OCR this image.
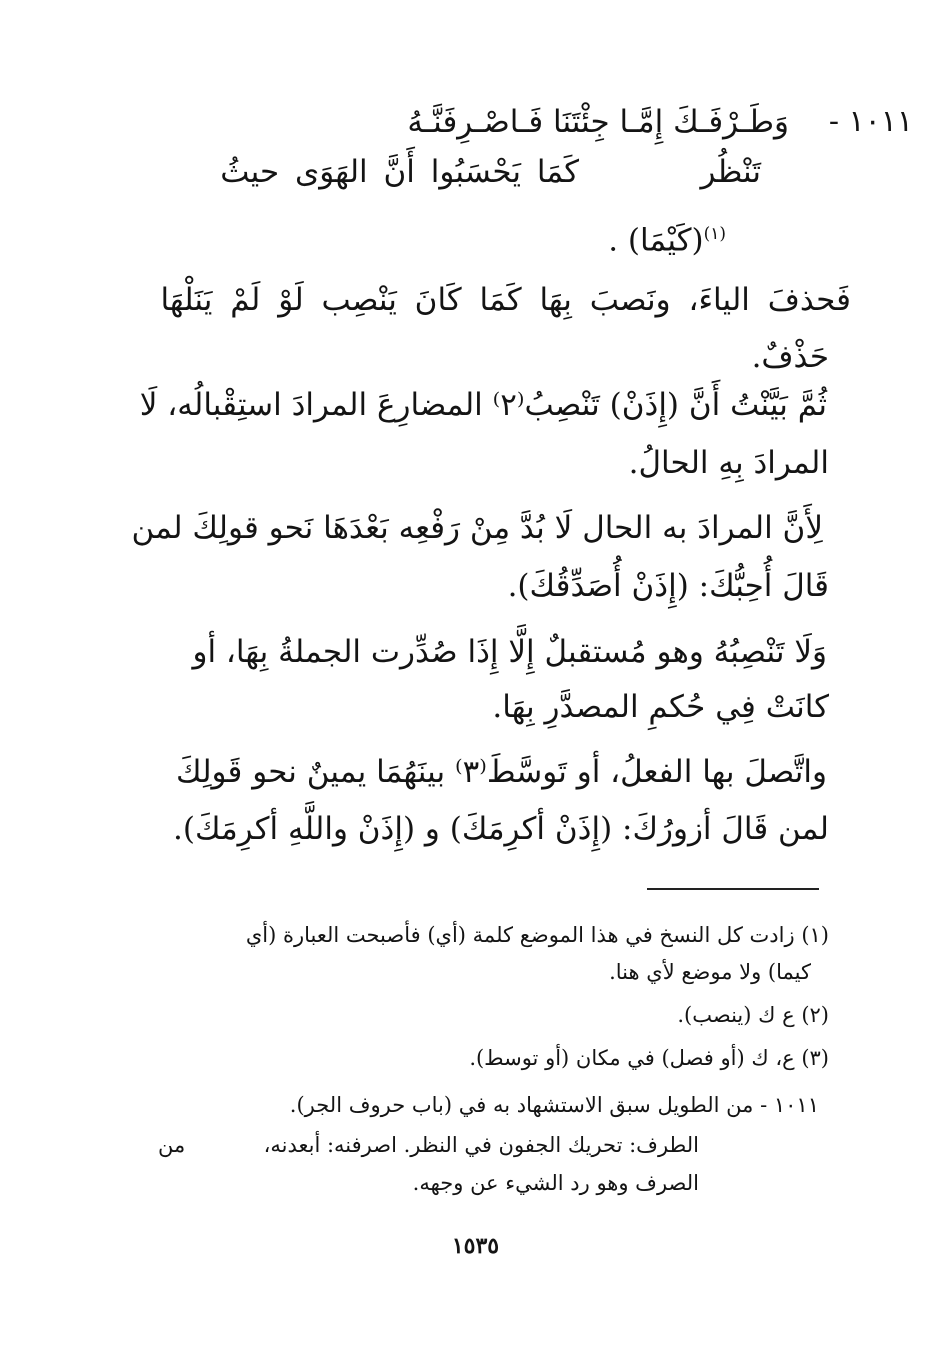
١٠١١ -
وَطَـرْفَـكَ إِمَّـا جِئْتَنَا فَـاصْـرِفَنَّـهُ
كَمَا يَحْسَبُوا أَنَّ الهَوَى حيثُ	تَنْظُر
$^{(١)}$(كَيْمَا) .
فَحذفَ الياءَ، ونَصبَ بِهَا كَمَا كَانَ يَنْصِب لَوْ لَمْ يَنَلْهَا
حَذْفٌ.
ثُمَّ بَيَّنْتُ أَنَّ (إِذَنْ) تَنْصِبُ⁽٢⁾ المضارِعَ المرادَ استِقْبالُه، لَا
المرادَ بِهِ الحالُ.
لِأَنَّ المرادَ به الحال لَا بُدَّ مِنْ رَفْعِه بَعْدَهَا نَحو قولِكَ لمن
قَالَ أُحِبُّكَ: (إِذَنْ أُصَدِّقُكَ).
وَلَا تَنْصِبُهُ وهو مُستقبلٌ إِلَّا إِذَا صُدِّرت الجملةُ بِهَا، أو
كانَتْ فِي حُكمِ المصدَّرِ بِهَا.
واتَّصلَ بها الفعلُ، أو تَوسَّطَ⁽٣⁾ بينَهُمَا يمينٌ نحو قَولِكَ
لمن قَالَ أزورُكَ: (إِذَنْ أكرِمَكَ) و (إِذَنْ واللَّهِ أكرِمَكَ).
(١) زادت كل النسخ في هذا الموضع كلمة (أي) فأصبحت العبارة (أي
كيما) ولا موضع لأي هنا.
(٢) ع ك (ينصب).
(٣) ع، ك (أو فصل) في مكان (أو توسط).
١٠١١ - من الطويل سبق الاستشهاد به في (باب حروف الجر).
الطرف: تحريك الجفون في النظر. اصرفنه: أبعدنه،
من
الصرف وهو رد الشيء عن وجهه.
١٥٣٥
